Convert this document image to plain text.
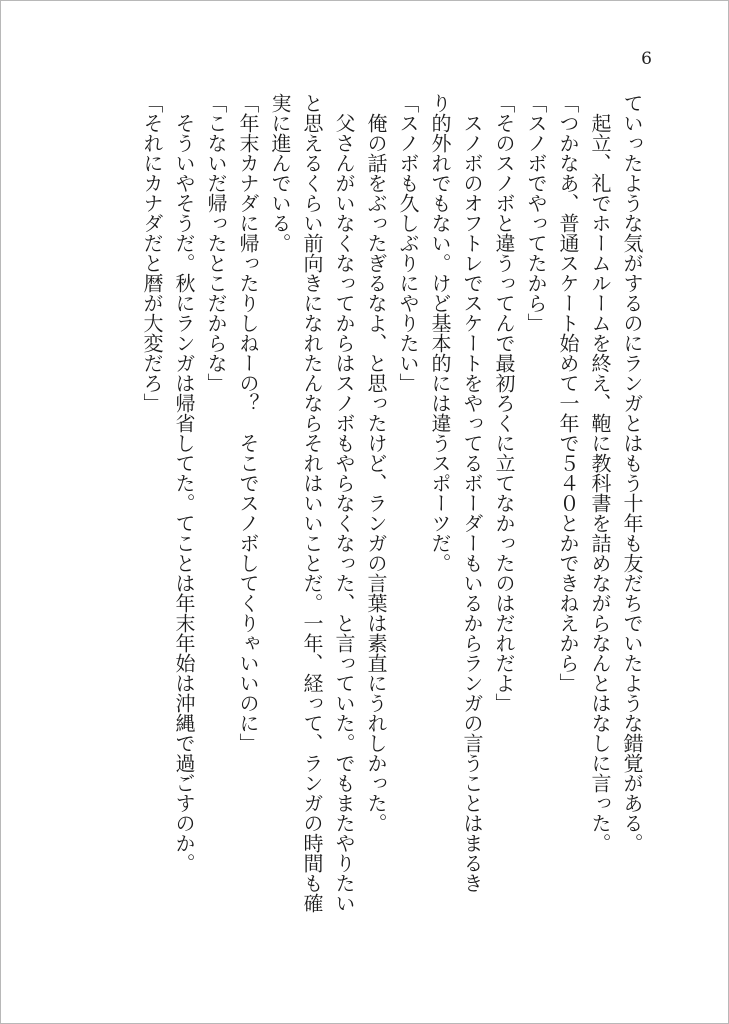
6

ていったような気がするのにランガとはもう十年も友だちでいたような錯覚がある。

　起立、礼でホームルームを終え、鞄に教科書を詰めながらなんとはなしに言った。

「つかなあ、普通スケート始めて一年で５４０とかできねえから」

「スノボでやってたから」

「そのスノボと違うってんで最初ろくに立てなかったのはだれだよ」

　スノボのオフトレでスケートをやってるボーダーもいるからランガの言うことはまるき

り的外れでもない。けど基本的には違うスポーツだ。

「スノボも久しぶりにやりたい」

　俺の話をぶったぎるなよ、と思ったけど、ランガの言葉は素直にうれしかった。

　父さんがいなくなってからはスノボもやらなくなった、と言っていた。でもまたやりたい

と思えるくらい前向きになれたんならそれはいいことだ。一年、経って、ランガの時間も確

実に進んでいる。

「年末カナダに帰ったりしねーの？　そこでスノボしてくりゃいいのに」

「こないだ帰ったとこだからな」

　そういやそうだ。秋にランガは帰省してた。てことは年末年始は沖縄で過ごすのか。

「それにカナダだと暦が大変だろ」
